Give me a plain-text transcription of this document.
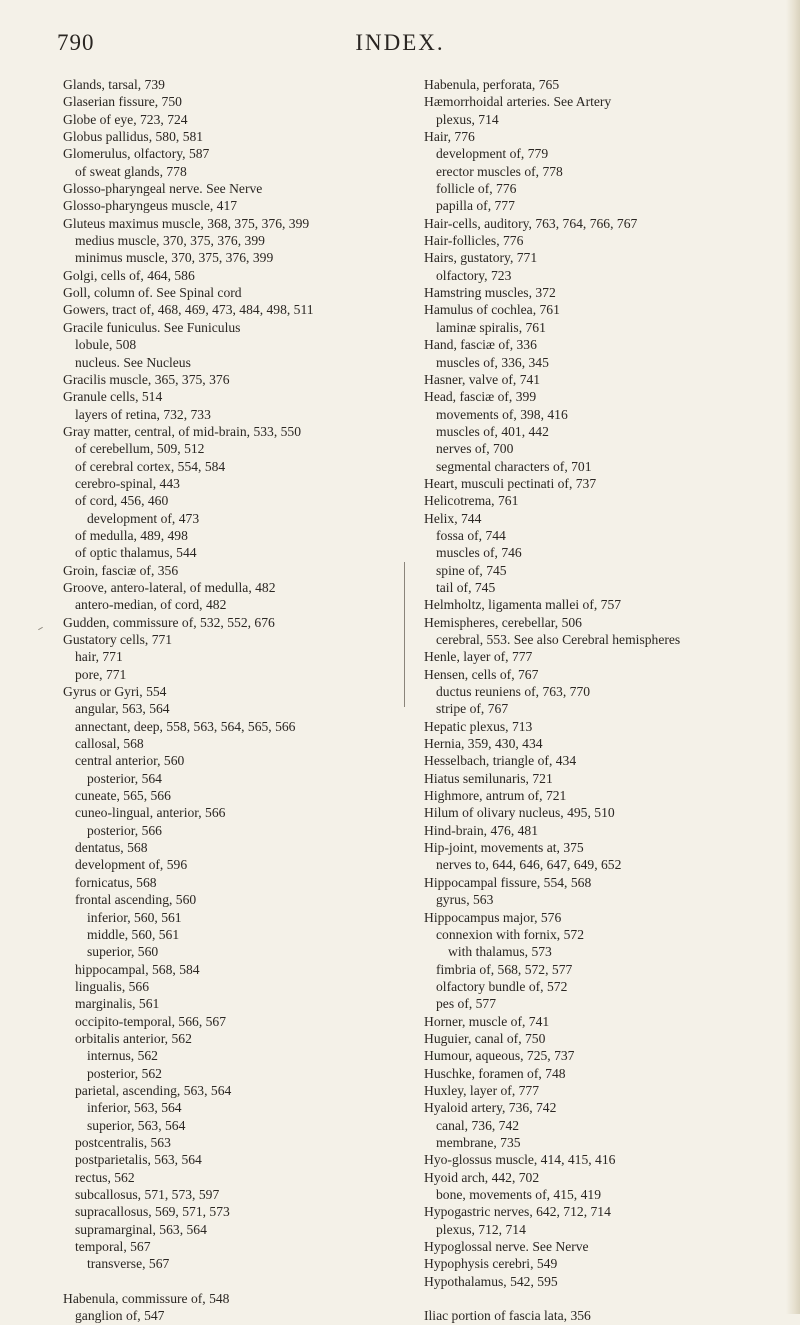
790	INDEX.
Glands, tarsal, 739
Glaserian fissure, 750
Globe of eye, 723, 724
Globus pallidus, 580, 581
Glomerulus, olfactory, 587
of sweat glands, 778
Glosso-pharyngeal nerve. See Nerve
Glosso-pharyngeus muscle, 417
Gluteus maximus muscle, 368, 375, 376, 399
medius muscle, 370, 375, 376, 399
minimus muscle, 370, 375, 376, 399
Golgi, cells of, 464, 586
Goll, column of. See Spinal cord
Gowers, tract of, 468, 469, 473, 484, 498, 511
Gracile funiculus. See Funiculus
lobule, 508
nucleus. See Nucleus
Gracilis muscle, 365, 375, 376
Granule cells, 514
layers of retina, 732, 733
Gray matter, central, of mid-brain, 533, 550
of cerebellum, 509, 512
of cerebral cortex, 554, 584
cerebro-spinal, 443
of cord, 456, 460
development of, 473
of medulla, 489, 498
of optic thalamus, 544
Groin, fasciæ of, 356
Groove, antero-lateral, of medulla, 482
antero-median, of cord, 482
Gudden, commissure of, 532, 552, 676
Gustatory cells, 771
hair, 771
pore, 771
Gyrus or Gyri, 554
angular, 563, 564
annectant, deep, 558, 563, 564, 565, 566
callosal, 568
central anterior, 560
posterior, 564
cuneate, 565, 566
cuneo-lingual, anterior, 566
posterior, 566
dentatus, 568
development of, 596
fornicatus, 568
frontal ascending, 560
inferior, 560, 561
middle, 560, 561
superior, 560
hippocampal, 568, 584
lingualis, 566
marginalis, 561
occipito-temporal, 566, 567
orbitalis anterior, 562
internus, 562
posterior, 562
parietal, ascending, 563, 564
inferior, 563, 564
superior, 563, 564
postcentralis, 563
postparietalis, 563, 564
rectus, 562
subcallosus, 571, 573, 597
supracallosus, 569, 571, 573
supramarginal, 563, 564
temporal, 567
transverse, 567
Habenula, commissure of, 548
ganglion of, 547
Habenula, perforata, 765
Hæmorrhoidal arteries. See Artery
plexus, 714
Hair, 776
development of, 779
erector muscles of, 778
follicle of, 776
papilla of, 777
Hair-cells, auditory, 763, 764, 766, 767
Hair-follicles, 776
Hairs, gustatory, 771
olfactory, 723
Hamstring muscles, 372
Hamulus of cochlea, 761
laminæ spiralis, 761
Hand, fasciæ of, 336
muscles of, 336, 345
Hasner, valve of, 741
Head, fasciæ of, 399
movements of, 398, 416
muscles of, 401, 442
nerves of, 700
segmental characters of, 701
Heart, musculi pectinati of, 737
Helicotrema, 761
Helix, 744
fossa of, 744
muscles of, 746
spine of, 745
tail of, 745
Helmholtz, ligamenta mallei of, 757
Hemispheres, cerebellar, 506
cerebral, 553. See also Cerebral hemispheres
Henle, layer of, 777
Hensen, cells of, 767
ductus reuniens of, 763, 770
stripe of, 767
Hepatic plexus, 713
Hernia, 359, 430, 434
Hesselbach, triangle of, 434
Hiatus semilunaris, 721
Highmore, antrum of, 721
Hilum of olivary nucleus, 495, 510
Hind-brain, 476, 481
Hip-joint, movements at, 375
nerves to, 644, 646, 647, 649, 652
Hippocampal fissure, 554, 568
gyrus, 563
Hippocampus major, 576
connexion with fornix, 572
with thalamus, 573
fimbria of, 568, 572, 577
olfactory bundle of, 572
pes of, 577
Horner, muscle of, 741
Huguier, canal of, 750
Humour, aqueous, 725, 737
Huschke, foramen of, 748
Huxley, layer of, 777
Hyaloid artery, 736, 742
canal, 736, 742
membrane, 735
Hyo-glossus muscle, 414, 415, 416
Hyoid arch, 442, 702
bone, movements of, 415, 419
Hypogastric nerves, 642, 712, 714
plexus, 712, 714
Hypoglossal nerve. See Nerve
Hypophysis cerebri, 549
Hypothalamus, 542, 595
Iliac portion of fascia lata, 356
